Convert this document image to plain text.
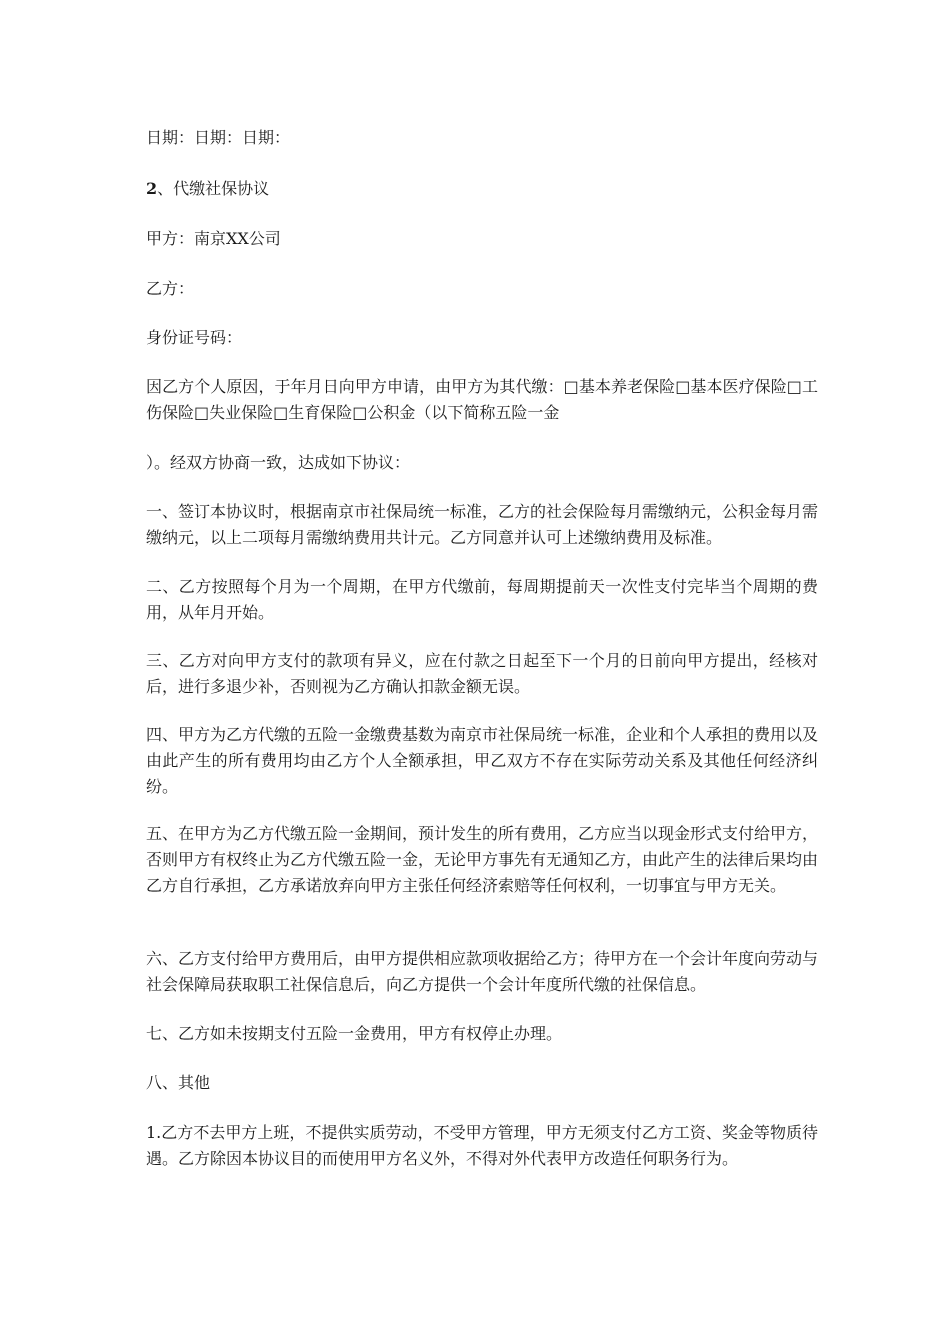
日期：日期：日期：

2、代缴社保协议

甲方：南京XX公司

乙方：

身份证号码：

因乙方个人原因，于年月日向甲方申请，由甲方为其代缴：□基本养老保险□基本医疗保险□工伤保险□失业保险□生育保险□公积金（以下简称五险一金

）。经双方协商一致，达成如下协议：

一、签订本协议时，根据南京市社保局统一标准，乙方的社会保险每月需缴纳元，公积金每月需缴纳元，以上二项每月需缴纳费用共计元。乙方同意并认可上述缴纳费用及标准。

二、乙方按照每个月为一个周期，在甲方代缴前，每周期提前天一次性支付完毕当个周期的费用，从年月开始。

三、乙方对向甲方支付的款项有异义，应在付款之日起至下一个月的日前向甲方提出，经核对后，进行多退少补，否则视为乙方确认扣款金额无误。

四、甲方为乙方代缴的五险一金缴费基数为南京市社保局统一标准，企业和个人承担的费用以及由此产生的所有费用均由乙方个人全额承担，甲乙双方不存在实际劳动关系及其他任何经济纠纷。

五、在甲方为乙方代缴五险一金期间，预计发生的所有费用，乙方应当以现金形式支付给甲方，否则甲方有权终止为乙方代缴五险一金，无论甲方事先有无通知乙方，由此产生的法律后果均由乙方自行承担，乙方承诺放弃向甲方主张任何经济索赔等任何权利，一切事宜与甲方无关。

六、乙方支付给甲方费用后，由甲方提供相应款项收据给乙方；待甲方在一个会计年度向劳动与社会保障局获取职工社保信息后，向乙方提供一个会计年度所代缴的社保信息。

七、乙方如未按期支付五险一金费用，甲方有权停止办理。

八、其他

1.乙方不去甲方上班，不提供实质劳动，不受甲方管理，甲方无须支付乙方工资、奖金等物质待遇。乙方除因本协议目的而使用甲方名义外，不得对外代表甲方改造任何职务行为。
